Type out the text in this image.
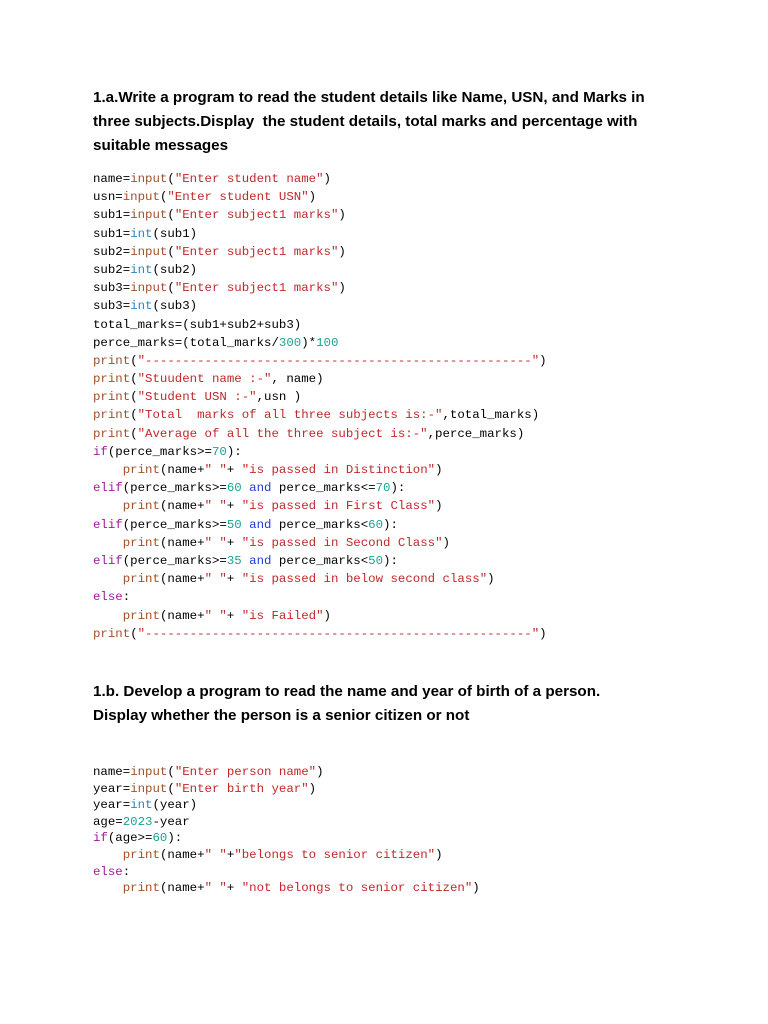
1.a.Write a program to read the student details like Name, USN, and Marks in
three subjects.Display  the student details, total marks and percentage with
suitable messages
name=input("Enter student name")
usn=input("Enter student USN")
sub1=input("Enter subject1 marks")
sub1=int(sub1)
sub2=input("Enter subject1 marks")
sub2=int(sub2)
sub3=input("Enter subject1 marks")
sub3=int(sub3)
total_marks=(sub1+sub2+sub3)
perce_marks=(total_marks/300)*100
print("----------------------------------------------------")
print("Stuudent name :-", name)
print("Student USN :-",usn )
print("Total  marks of all three subjects is:-",total_marks)
print("Average of all the three subject is:-",perce_marks)
if(perce_marks>=70):
print(name+" "+ "is passed in Distinction")
elif(perce_marks>=60 and perce_marks<=70):
print(name+" "+ "is passed in First Class")
elif(perce_marks>=50 and perce_marks<60):
print(name+" "+ "is passed in Second Class")
elif(perce_marks>=35 and perce_marks<50):
print(name+" "+ "is passed in below second class")
else:
print(name+" "+ "is Failed")
print("----------------------------------------------------")
1.b. Develop a program to read the name and year of birth of a person.
Display whether the person is a senior citizen or not
name=input("Enter person name")
year=input("Enter birth year")
year=int(year)
age=2023-year
if(age>=60):
print(name+" "+"belongs to senior citizen")
else:
print(name+" "+ "not belongs to senior citizen")
